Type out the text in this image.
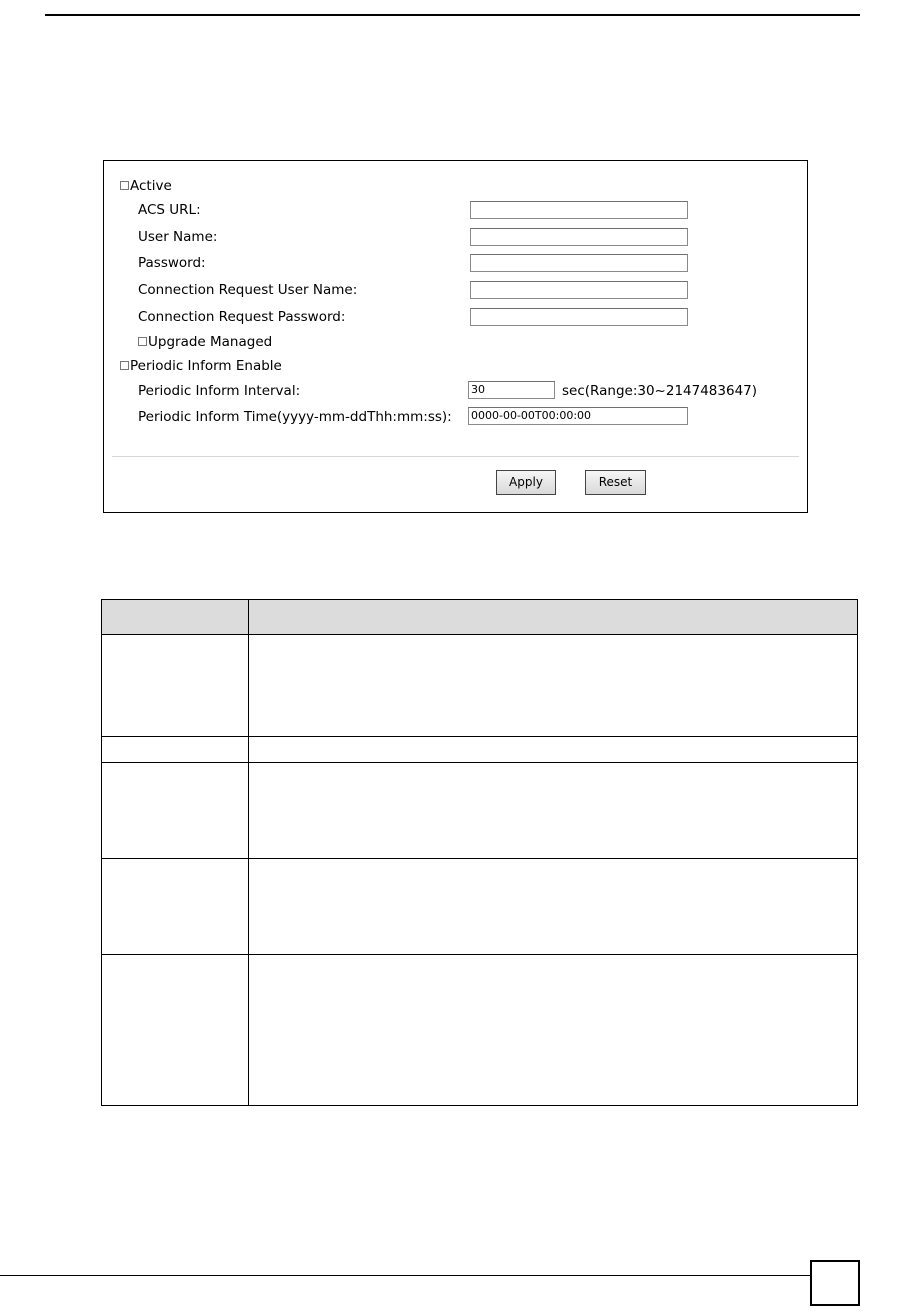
Active
ACS URL:
User Name:
Password:
Connection Request User Name:
Connection Request Password:
Upgrade Managed
Periodic Inform Enable
Periodic Inform Interval:	30	sec(Range:30~2147483647)
Periodic Inform Time(yyyy-mm-ddThh:mm:ss): 0000-00-00T00:00:00
Apply	Reset
